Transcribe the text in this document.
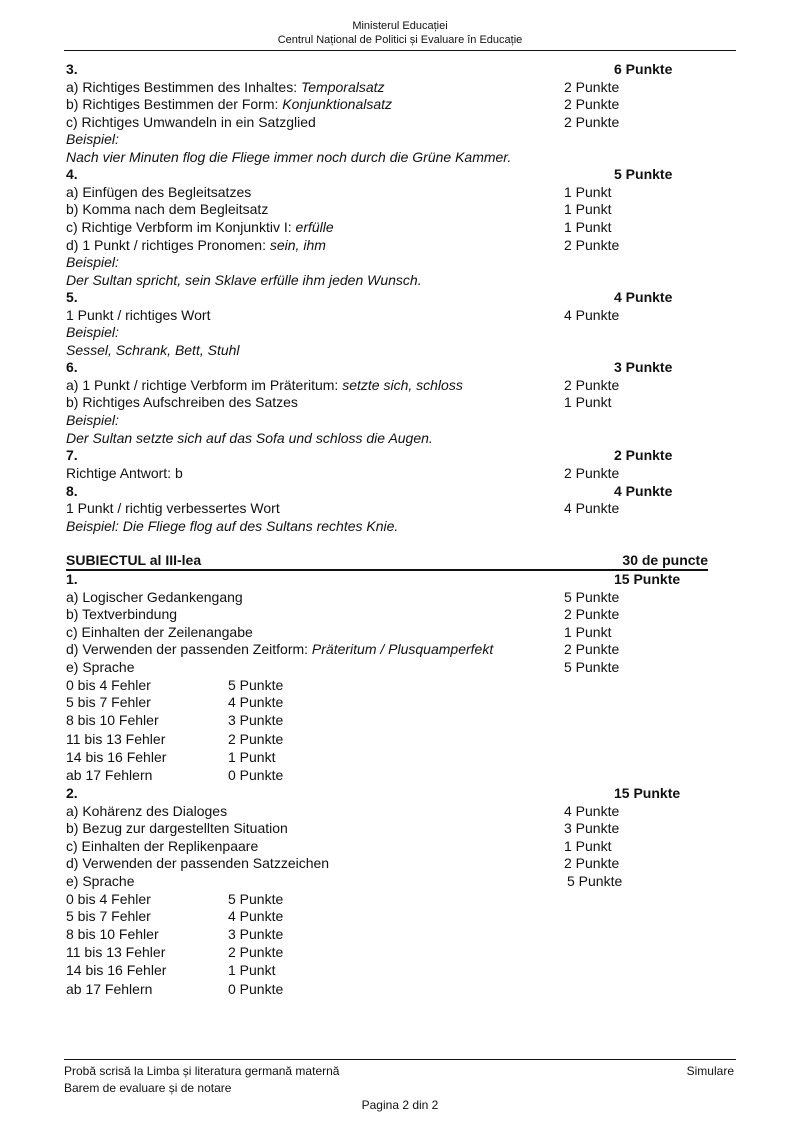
Ministerul Educației
Centrul Național de Politici și Evaluare în Educație
3.	6 Punkte
a) Richtiges Bestimmen des Inhaltes: Temporalsatz	2 Punkte
b) Richtiges Bestimmen der Form: Konjunktionalsatz	2 Punkte
c) Richtiges Umwandeln in ein Satzglied	2 Punkte
Beispiel:
Nach vier Minuten flog die Fliege immer noch durch die Grüne Kammer.
4.	5 Punkte
a) Einfügen des Begleitsatzes	1 Punkt
b) Komma nach dem Begleitsatz	1 Punkt
c) Richtige Verbform im Konjunktiv I: erfülle	1 Punkt
d) 1 Punkt / richtiges Pronomen: sein, ihm	2 Punkte
Beispiel:
Der Sultan spricht, sein Sklave erfülle ihm jeden Wunsch.
5.	4 Punkte
1 Punkt / richtiges Wort	4 Punkte
Beispiel:
Sessel, Schrank, Bett, Stuhl
6.	3 Punkte
a) 1 Punkt / richtige Verbform im Präteritum: setzte sich, schloss	2 Punkte
b) Richtiges Aufschreiben des Satzes	1 Punkt
Beispiel:
Der Sultan setzte sich auf das Sofa und schloss die Augen.
7.	2 Punkte
Richtige Antwort: b	2 Punkte
8.	4 Punkte
1 Punkt / richtig verbessertes Wort	4 Punkte
Beispiel: Die Fliege flog auf des Sultans rechtes Knie.
SUBIECTUL al III-lea	30 de puncte
1.	15 Punkte
a) Logischer Gedankengang	5 Punkte
b) Textverbindung	2 Punkte
c) Einhalten der Zeilenangabe	1 Punkt
d) Verwenden der passenden Zeitform: Präteritum / Plusquamperfekt	2 Punkte
e) Sprache	5 Punkte
0 bis 4 Fehler	5 Punkte
5 bis 7 Fehler	4 Punkte
8 bis 10 Fehler	3 Punkte
11 bis 13 Fehler	2 Punkte
14 bis 16 Fehler	1 Punkt
ab 17 Fehlern	0 Punkte
2.	15 Punkte
a) Kohärenz des Dialoges	4 Punkte
b) Bezug zur dargestellten Situation	3 Punkte
c) Einhalten der Replikenpaare	1 Punkt
d) Verwenden der passenden Satzzeichen	2 Punkte
e) Sprache	5 Punkte
0 bis 4 Fehler	5 Punkte
5 bis 7 Fehler	4 Punkte
8 bis 10 Fehler	3 Punkte
11 bis 13 Fehler	2 Punkte
14 bis 16 Fehler	1 Punkt
ab 17 Fehlern	0 Punkte
Probă scrisă la Limba și literatura germană maternă
Barem de evaluare și de notare
Simulare
Pagina 2 din 2
